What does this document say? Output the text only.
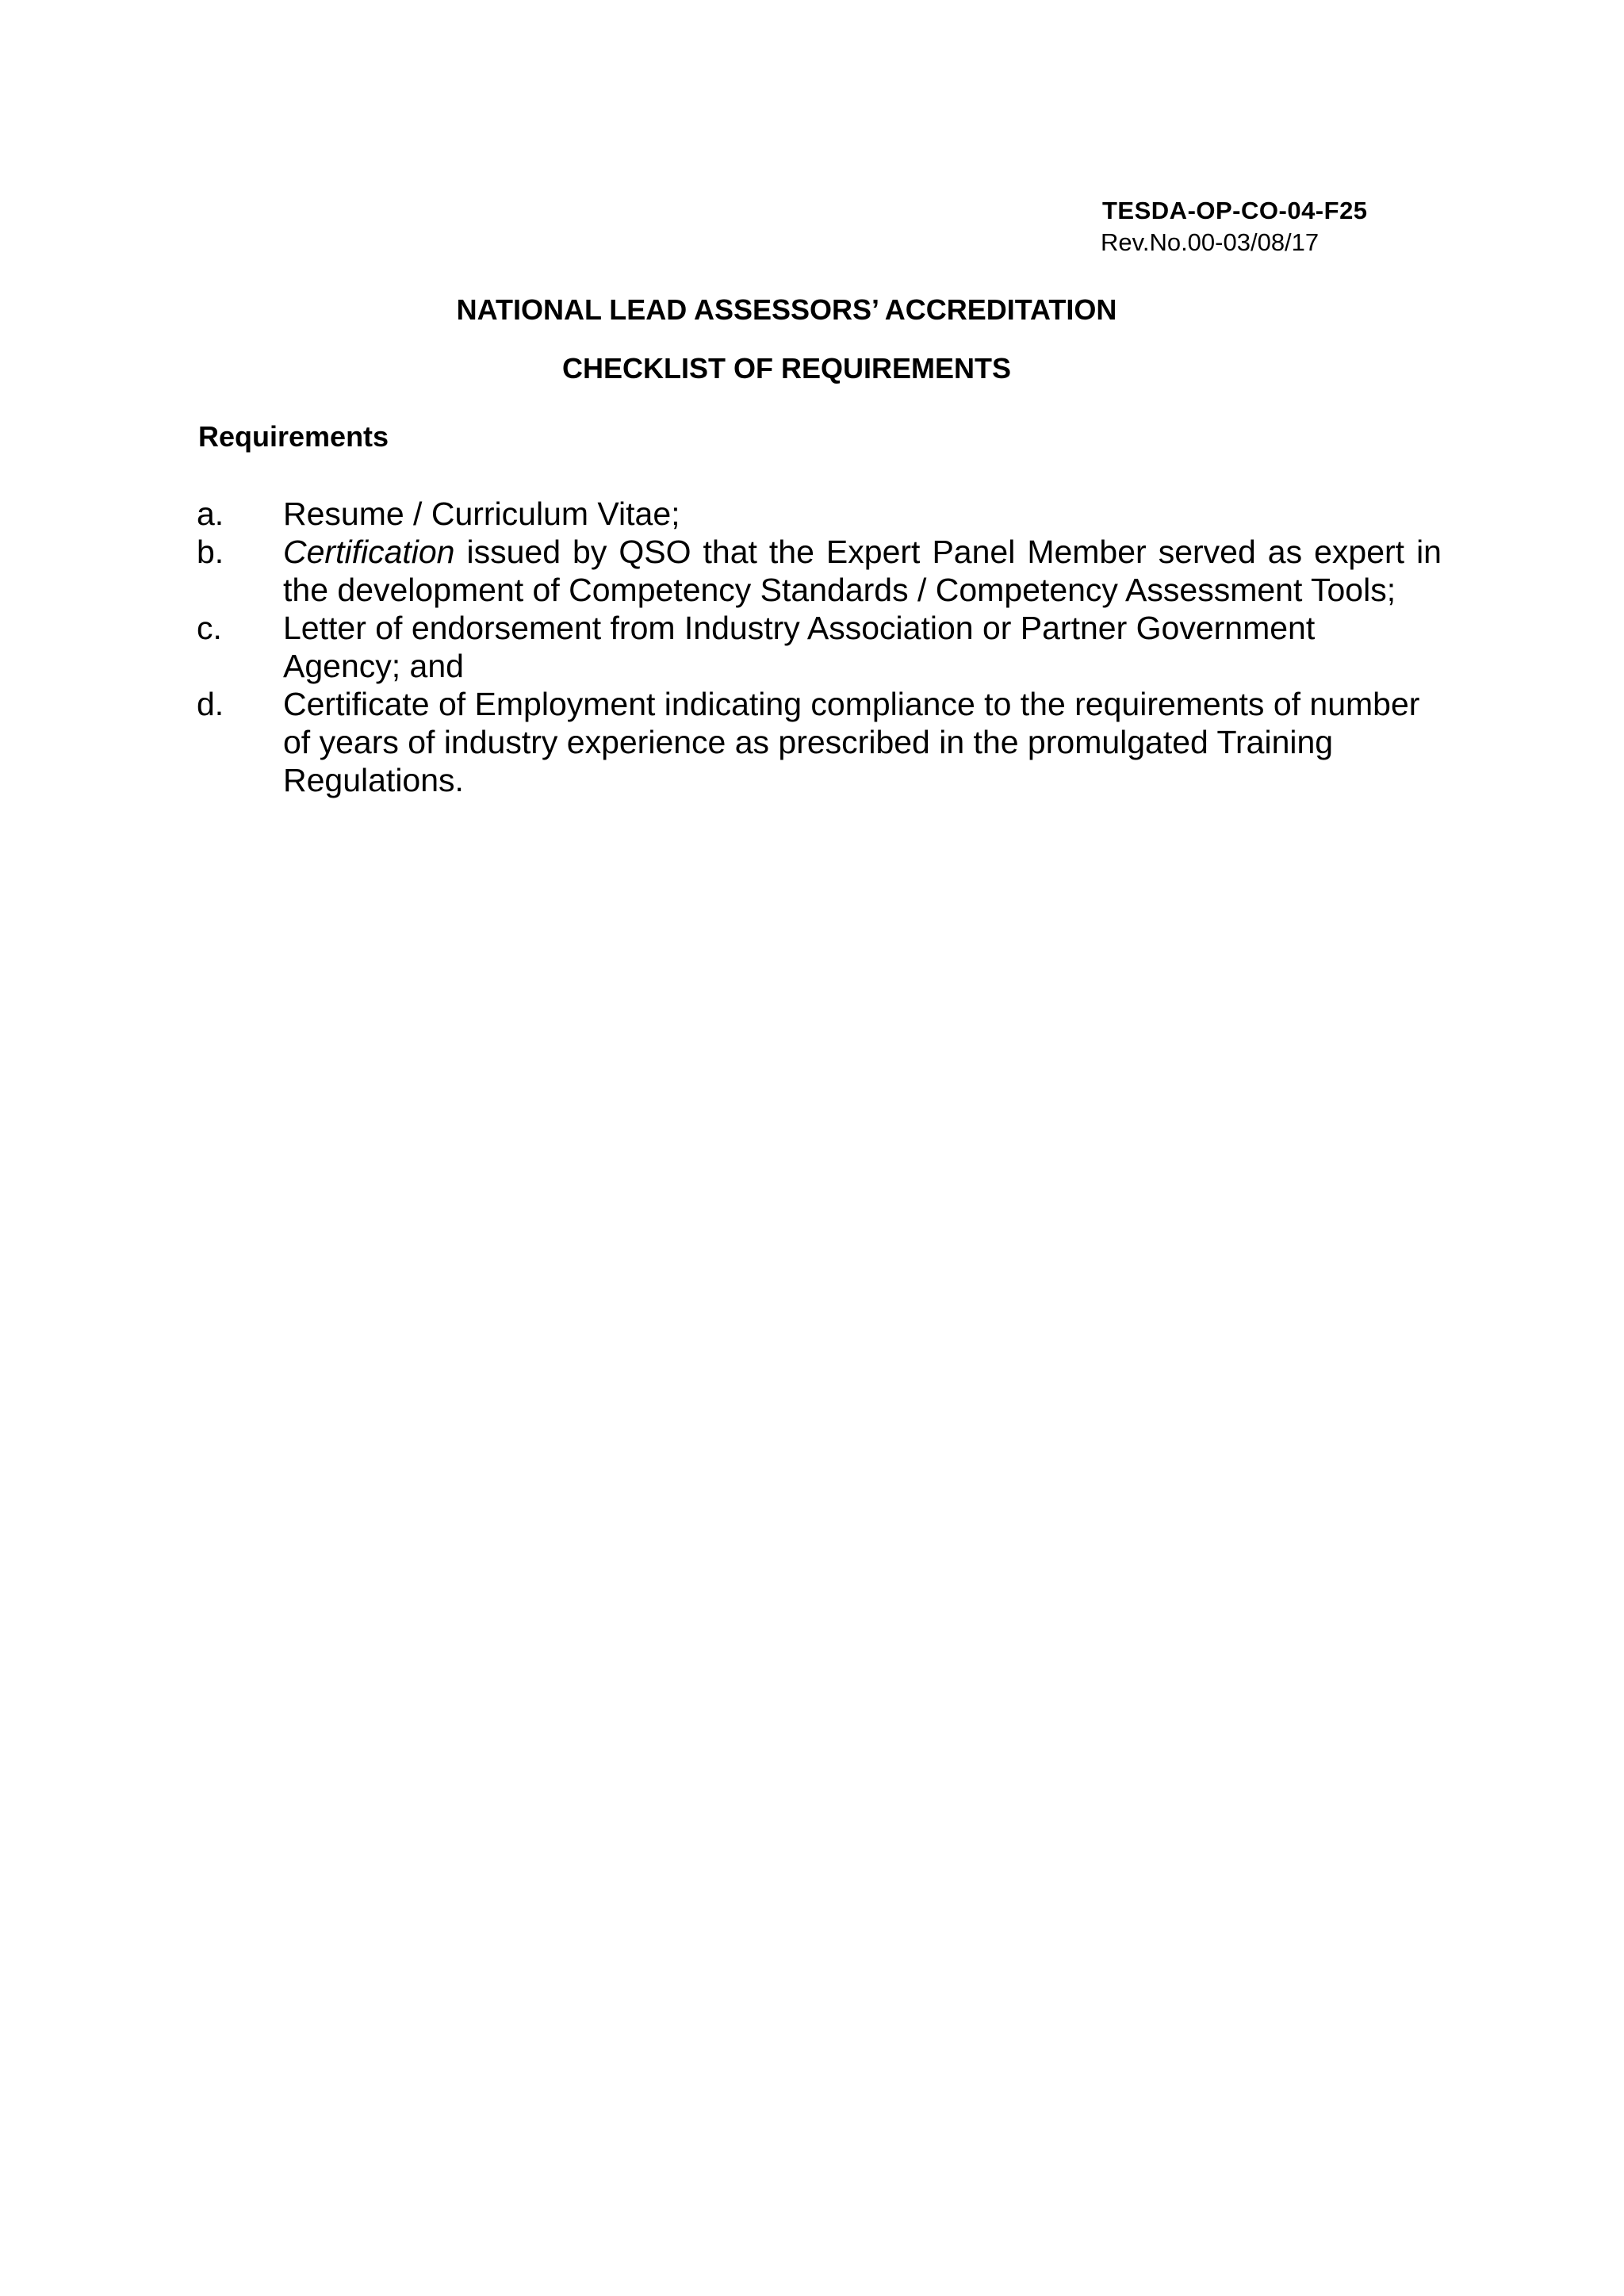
TESDA-OP-CO-04-F25
Rev.No.00-03/08/17
NATIONAL LEAD ASSESSORS’ ACCREDITATION
CHECKLIST OF REQUIREMENTS
Requirements
a.	Resume / Curriculum Vitae;
b.	Certification issued by QSO that the Expert Panel Member served as expert in the development of Competency Standards / Competency Assessment Tools;
c.	Letter of endorsement from Industry Association or Partner Government Agency; and
d.	Certificate of Employment indicating compliance to the requirements of number of years of industry experience as prescribed in the promulgated Training Regulations.
